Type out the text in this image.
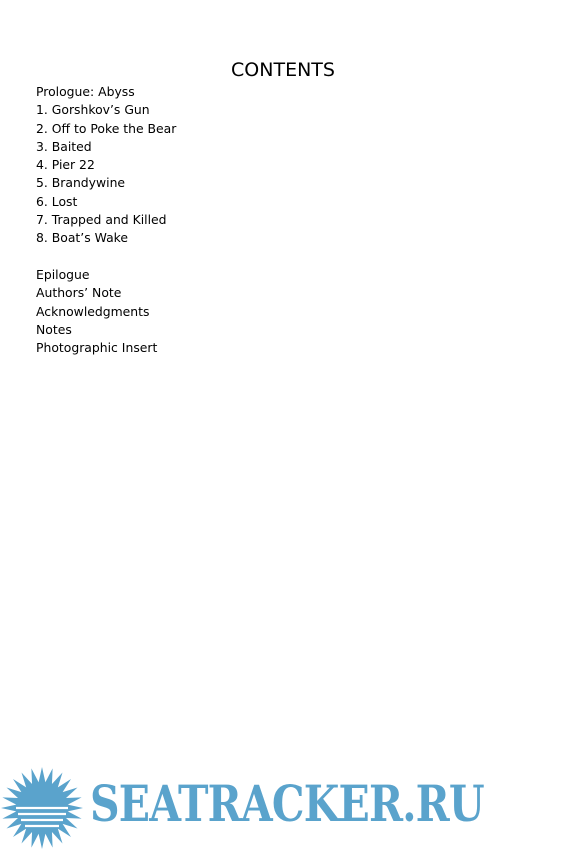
CONTENTS
Prologue: Abyss
1. Gorshkov’s Gun
2. Off to Poke the Bear
3. Baited
4. Pier 22
5. Brandywine
6. Lost
7. Trapped and Killed
8. Boat’s Wake
Epilogue
Authors’ Note
Acknowledgments
Notes
Photographic Insert
SEATRACKER.RU
